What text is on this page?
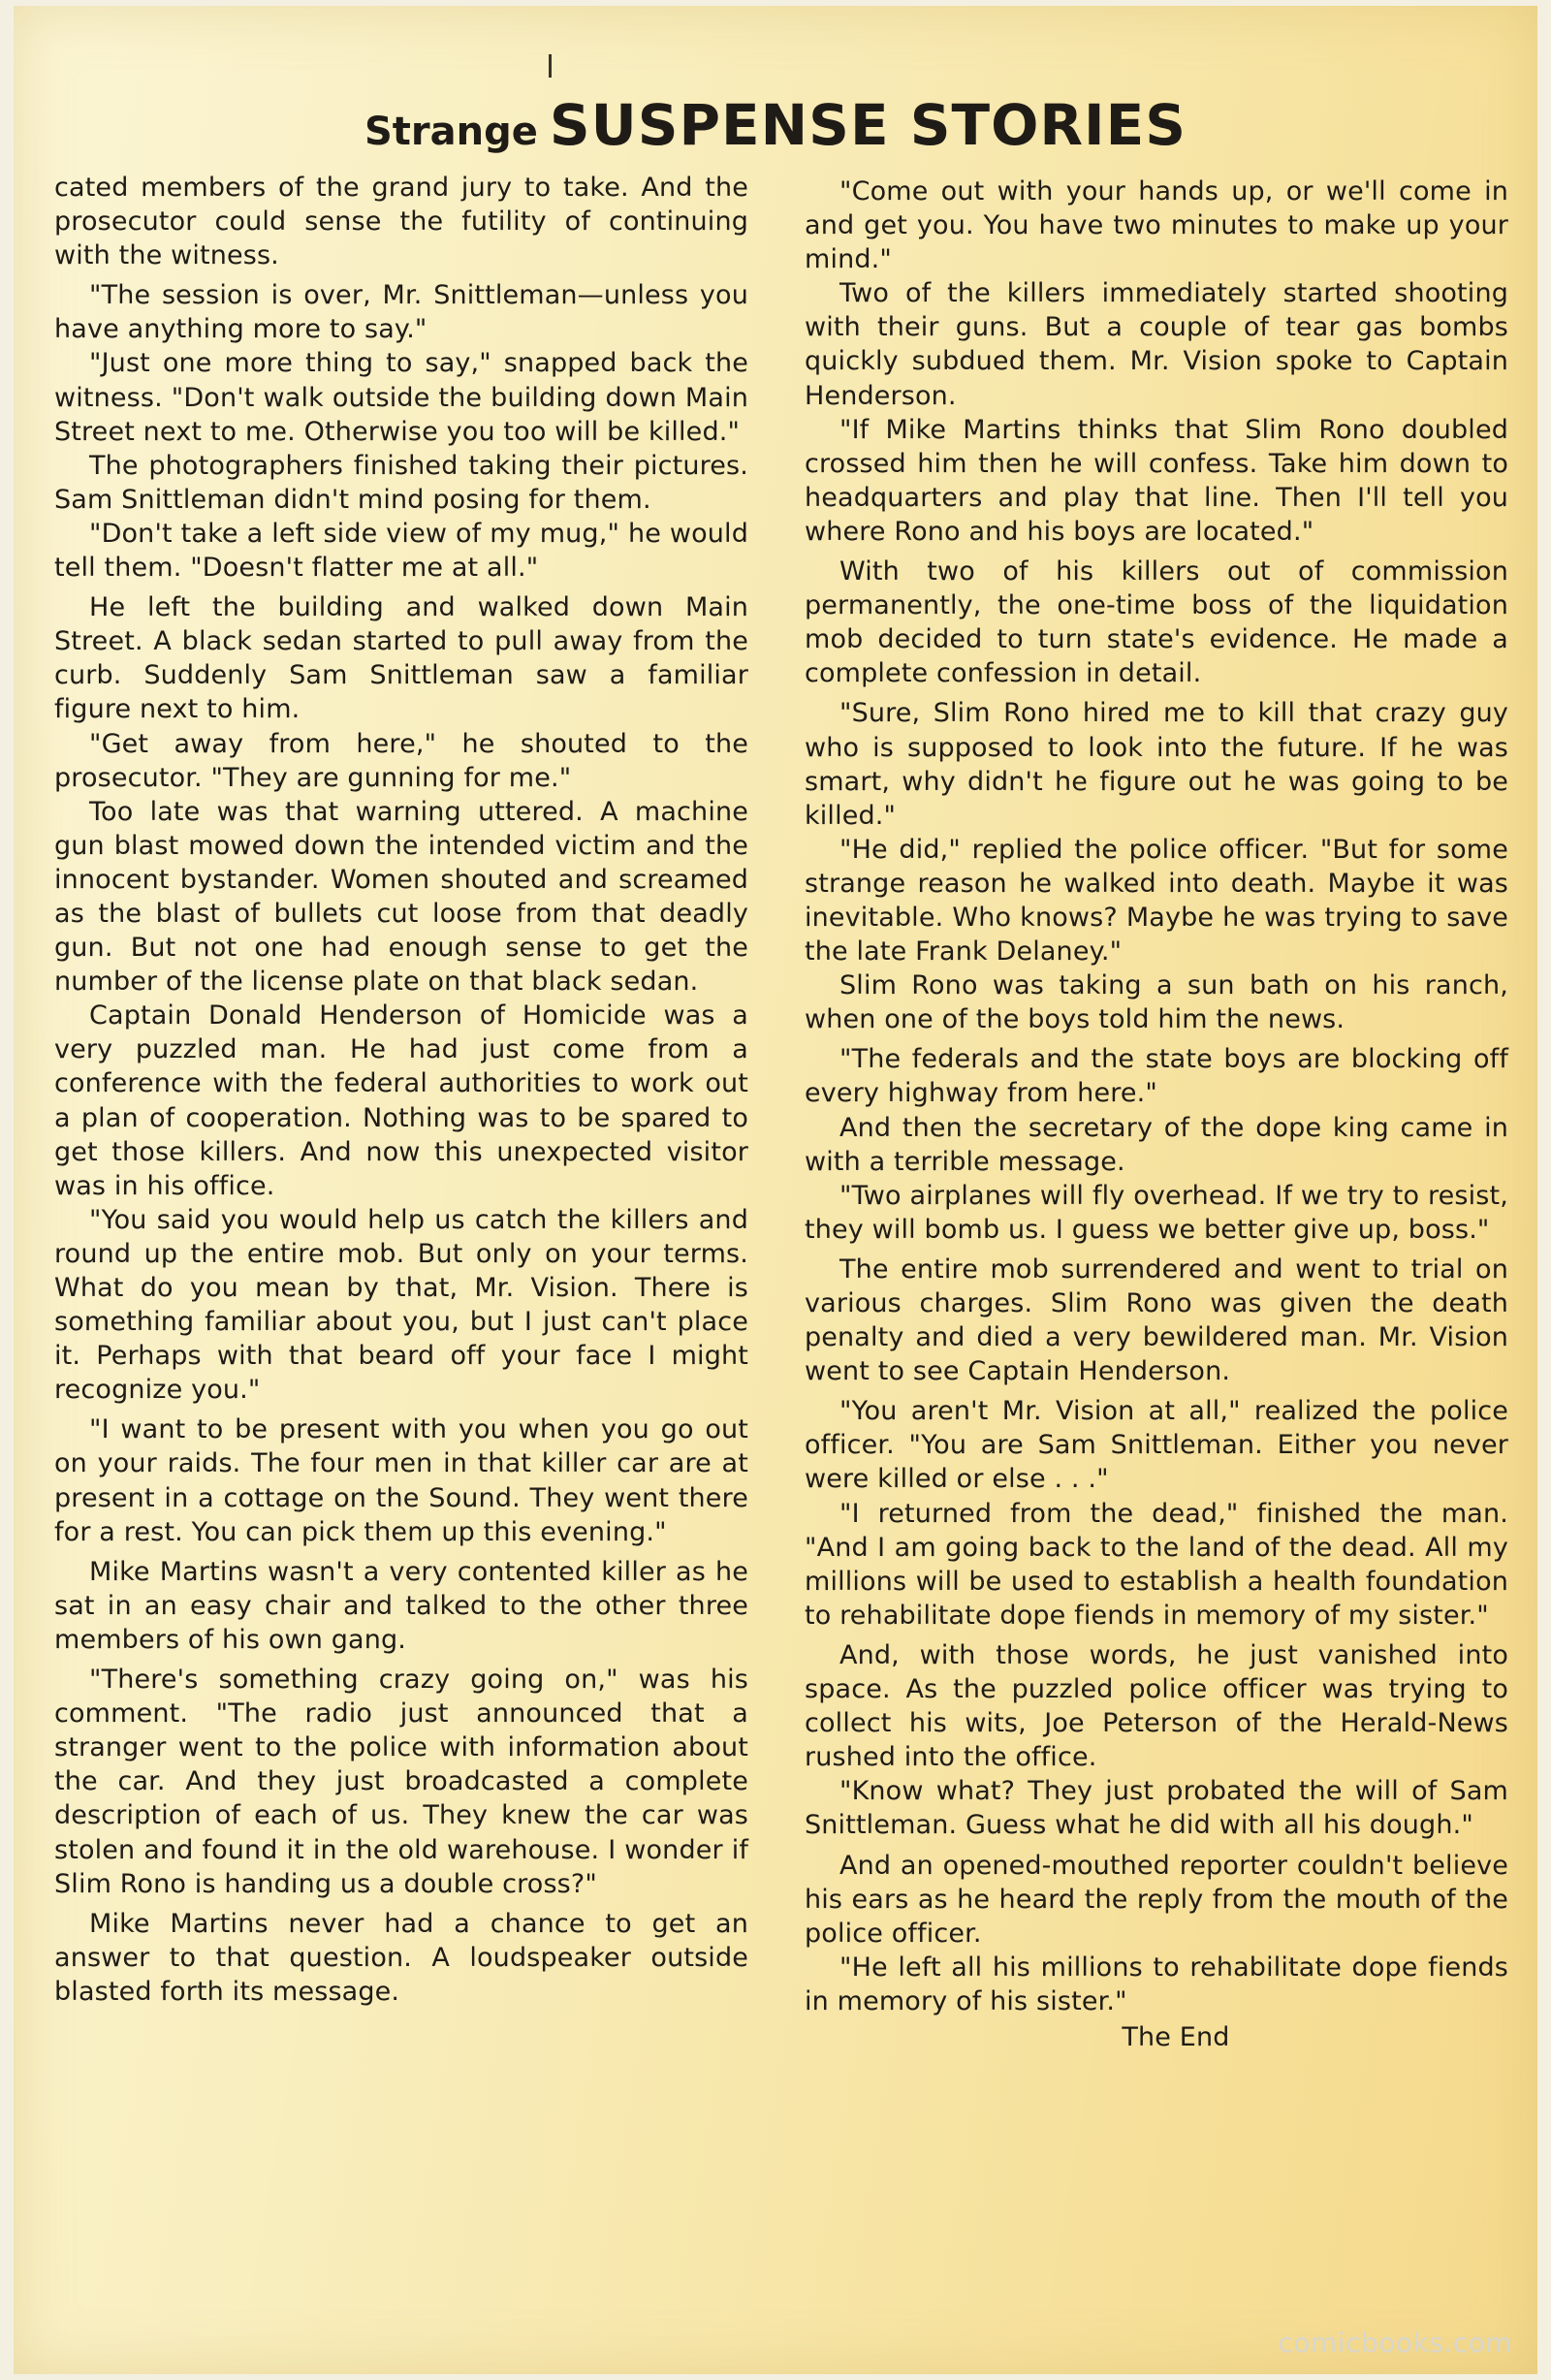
Strange SUSPENSE STORIES

cated members of the grand jury to take. And the prosecutor could sense the futility of continuing with the witness.

"The session is over, Mr. Snittleman—unless you have anything more to say."

"Just one more thing to say," snapped back the witness. "Don't walk outside the building down Main Street next to me. Otherwise you too will be killed."

The photographers finished taking their pictures. Sam Snittleman didn't mind posing for them.

"Don't take a left side view of my mug," he would tell them. "Doesn't flatter me at all."

He left the building and walked down Main Street. A black sedan started to pull away from the curb. Suddenly Sam Snittleman saw a familiar figure next to him.

"Get away from here," he shouted to the prosecutor. "They are gunning for me."

Too late was that warning uttered. A machine gun blast mowed down the intended victim and the innocent bystander. Women shouted and screamed as the blast of bullets cut loose from that deadly gun. But not one had enough sense to get the number of the license plate on that black sedan.

Captain Donald Henderson of Homicide was a very puzzled man. He had just come from a conference with the federal authorities to work out a plan of cooperation. Nothing was to be spared to get those killers. And now this unexpected visitor was in his office.

"You said you would help us catch the killers and round up the entire mob. But only on your terms. What do you mean by that, Mr. Vision. There is something familiar about you, but I just can't place it. Perhaps with that beard off your face I might recognize you."

"I want to be present with you when you go out on your raids. The four men in that killer car are at present in a cottage on the Sound. They went there for a rest. You can pick them up this evening."

Mike Martins wasn't a very contented killer as he sat in an easy chair and talked to the other three members of his own gang.

"There's something crazy going on," was his comment. "The radio just announced that a stranger went to the police with information about the car. And they just broadcasted a complete description of each of us. They knew the car was stolen and found it in the old warehouse. I wonder if Slim Rono is handing us a double cross?"

Mike Martins never had a chance to get an answer to that question. A loudspeaker outside blasted forth its message.

"Come out with your hands up, or we'll come in and get you. You have two minutes to make up your mind."

Two of the killers immediately started shooting with their guns. But a couple of tear gas bombs quickly subdued them. Mr. Vision spoke to Captain Henderson.

"If Mike Martins thinks that Slim Rono doubled crossed him then he will confess. Take him down to headquarters and play that line. Then I'll tell you where Rono and his boys are located."

With two of his killers out of commission permanently, the one-time boss of the liquidation mob decided to turn state's evidence. He made a complete confession in detail.

"Sure, Slim Rono hired me to kill that crazy guy who is supposed to look into the future. If he was smart, why didn't he figure out he was going to be killed."

"He did," replied the police officer. "But for some strange reason he walked into death. Maybe it was inevitable. Who knows? Maybe he was trying to save the late Frank Delaney."

Slim Rono was taking a sun bath on his ranch, when one of the boys told him the news.

"The federals and the state boys are blocking off every highway from here."

And then the secretary of the dope king came in with a terrible message.

"Two airplanes will fly overhead. If we try to resist, they will bomb us. I guess we better give up, boss."

The entire mob surrendered and went to trial on various charges. Slim Rono was given the death penalty and died a very bewildered man. Mr. Vision went to see Captain Henderson.

"You aren't Mr. Vision at all," realized the police officer. "You are Sam Snittleman. Either you never were killed or else . . ."

"I returned from the dead," finished the man. "And I am going back to the land of the dead. All my millions will be used to establish a health foundation to rehabilitate dope fiends in memory of my sister."

And, with those words, he just vanished into space. As the puzzled police officer was trying to collect his wits, Joe Peterson of the Herald-News rushed into the office.

"Know what? They just probated the will of Sam Snittleman. Guess what he did with all his dough."

And an opened-mouthed reporter couldn't believe his ears as he heard the reply from the mouth of the police officer.

"He left all his millions to rehabilitate dope fiends in memory of his sister."

The End

comicbooks.com
